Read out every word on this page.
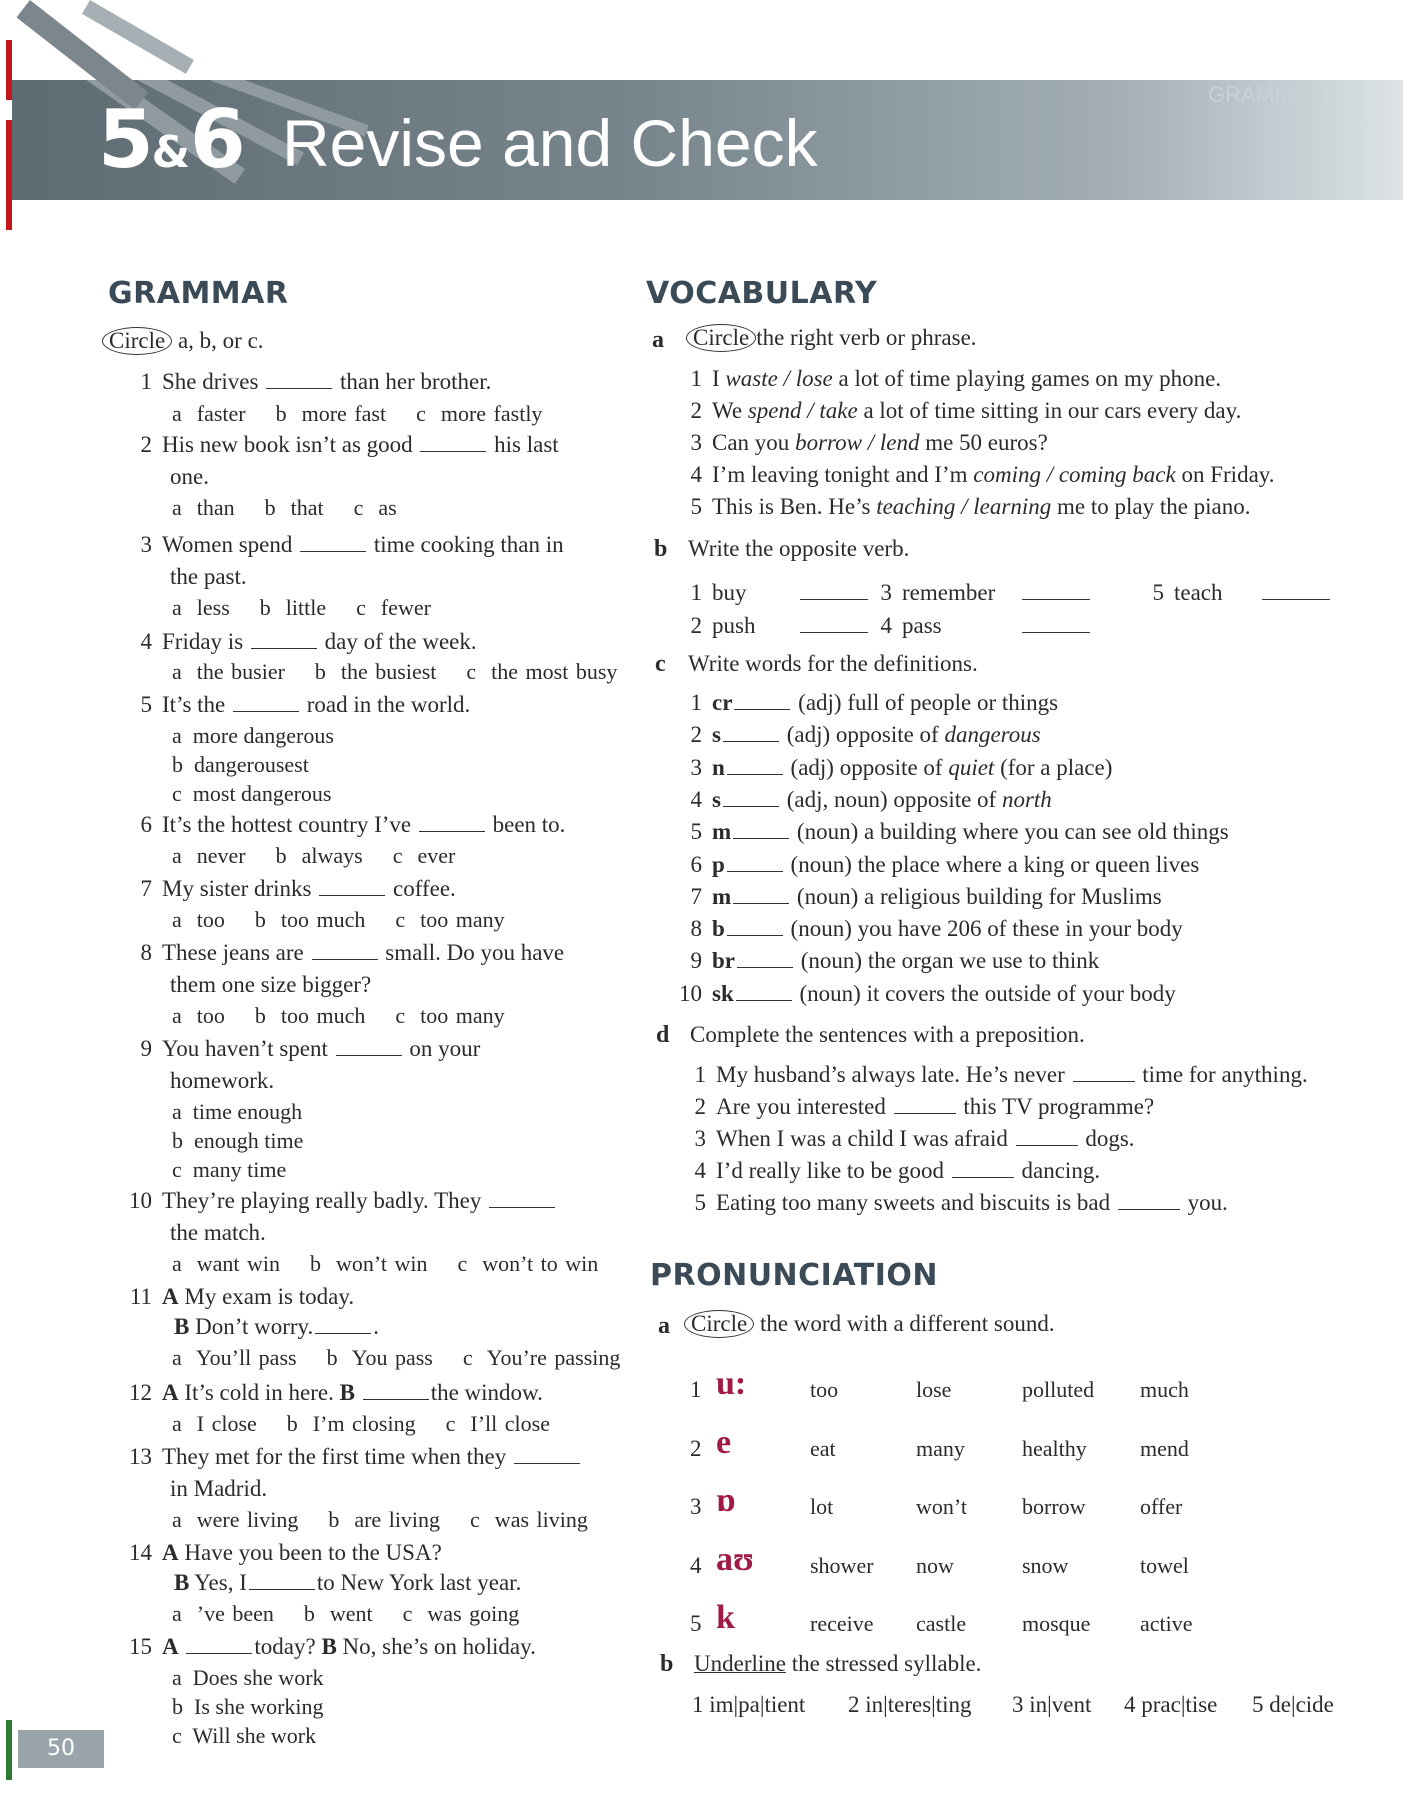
5&6 Revise and Check
GRAMMAR
GRAMMAR
Circle a, b, or c.
1 She drives	than her brother.
a  faster    b  more fast    c  more fastly
2 His new book isn’t as good	his last
one.
a  than    b  that    c  as
3 Women spend	time cooking than in
the past.
a  less    b  little    c  fewer
4 Friday is	day of the week.
a  the busier    b  the busiest    c  the most busy
5 It’s the	road in the world.
a  more dangerous
b  dangerousest
c  most dangerous
6 It’s the hottest country I’ve	been to.
a  never    b  always    c  ever
7 My sister drinks	coffee.
a  too    b  too much    c  too many
8 These jeans are	small. Do you have
them one size bigger?
a  too    b  too much    c  too many
9 You haven’t spent	on your
homework.
a  time enough
b  enough time
c  many time
10 They’re playing really badly. They
the match.
a  want win    b  won’t win    c  won’t to win
11 A My exam is today.
B Don’t worry.	.
a  You’ll pass    b  You pass    c  You’re passing
12 A It’s cold in here. B	the window.
a  I close    b  I’m closing    c  I’ll close
13 They met for the first time when they
in Madrid.
a  were living    b  are living    c  was living
14 A Have you been to the USA?
B Yes, I	to New York last year.
a  ’ve been    b  went    c  was going
15 A	today? B No, she’s on holiday.
a  Does she work
b  Is she working
c  Will she work
VOCABULARY
a	Circle the right verb or phrase.
1 I waste / lose a lot of time playing games on my phone.
2 We spend / take a lot of time sitting in our cars every day.
3 Can you borrow / lend me 50 euros?
4 I’m leaving tonight and I’m coming / coming back on Friday.
5 This is Ben. He’s teaching / learning me to play the piano.
b Write the opposite verb.
1 buy
2 push
3 remember
4 pass
5 teach
c Write words for the definitions.
1 cr	(adj) full of people or things
2 s	(adj) opposite of dangerous
3 n	(adj) opposite of quiet (for a place)
4 s	(adj, noun) opposite of north
5 m	(noun) a building where you can see old things
6 p	(noun) the place where a king or queen lives
7 m	(noun) a religious building for Muslims
8 b	(noun) you have 206 of these in your body
9 br	(noun) the organ we use to think
10 sk	(noun) it covers the outside of your body
d Complete the sentences with a preposition.
1 My husband’s always late. He’s never	time for anything.
2 Are you interested	this TV programme?
3 When I was a child I was afraid	dogs.
4 I’d really like to be good	dancing.
5 Eating too many sweets and biscuits is bad	you.
PRONUNCIATION
a Circle the word with a different sound.
1 u:	too	lose	polluted much
2 e	eat	many	healthy mend
3 ɒ	lot	won’t	borrow offer
4 aʊ	shower now	snow	towel
5 k	receive castle	mosque active
b Underline the stressed syllable.
1 im|pa|tient 2 in|teres|ting 3 in|vent 4 prac|tise 5 de|cide
50
